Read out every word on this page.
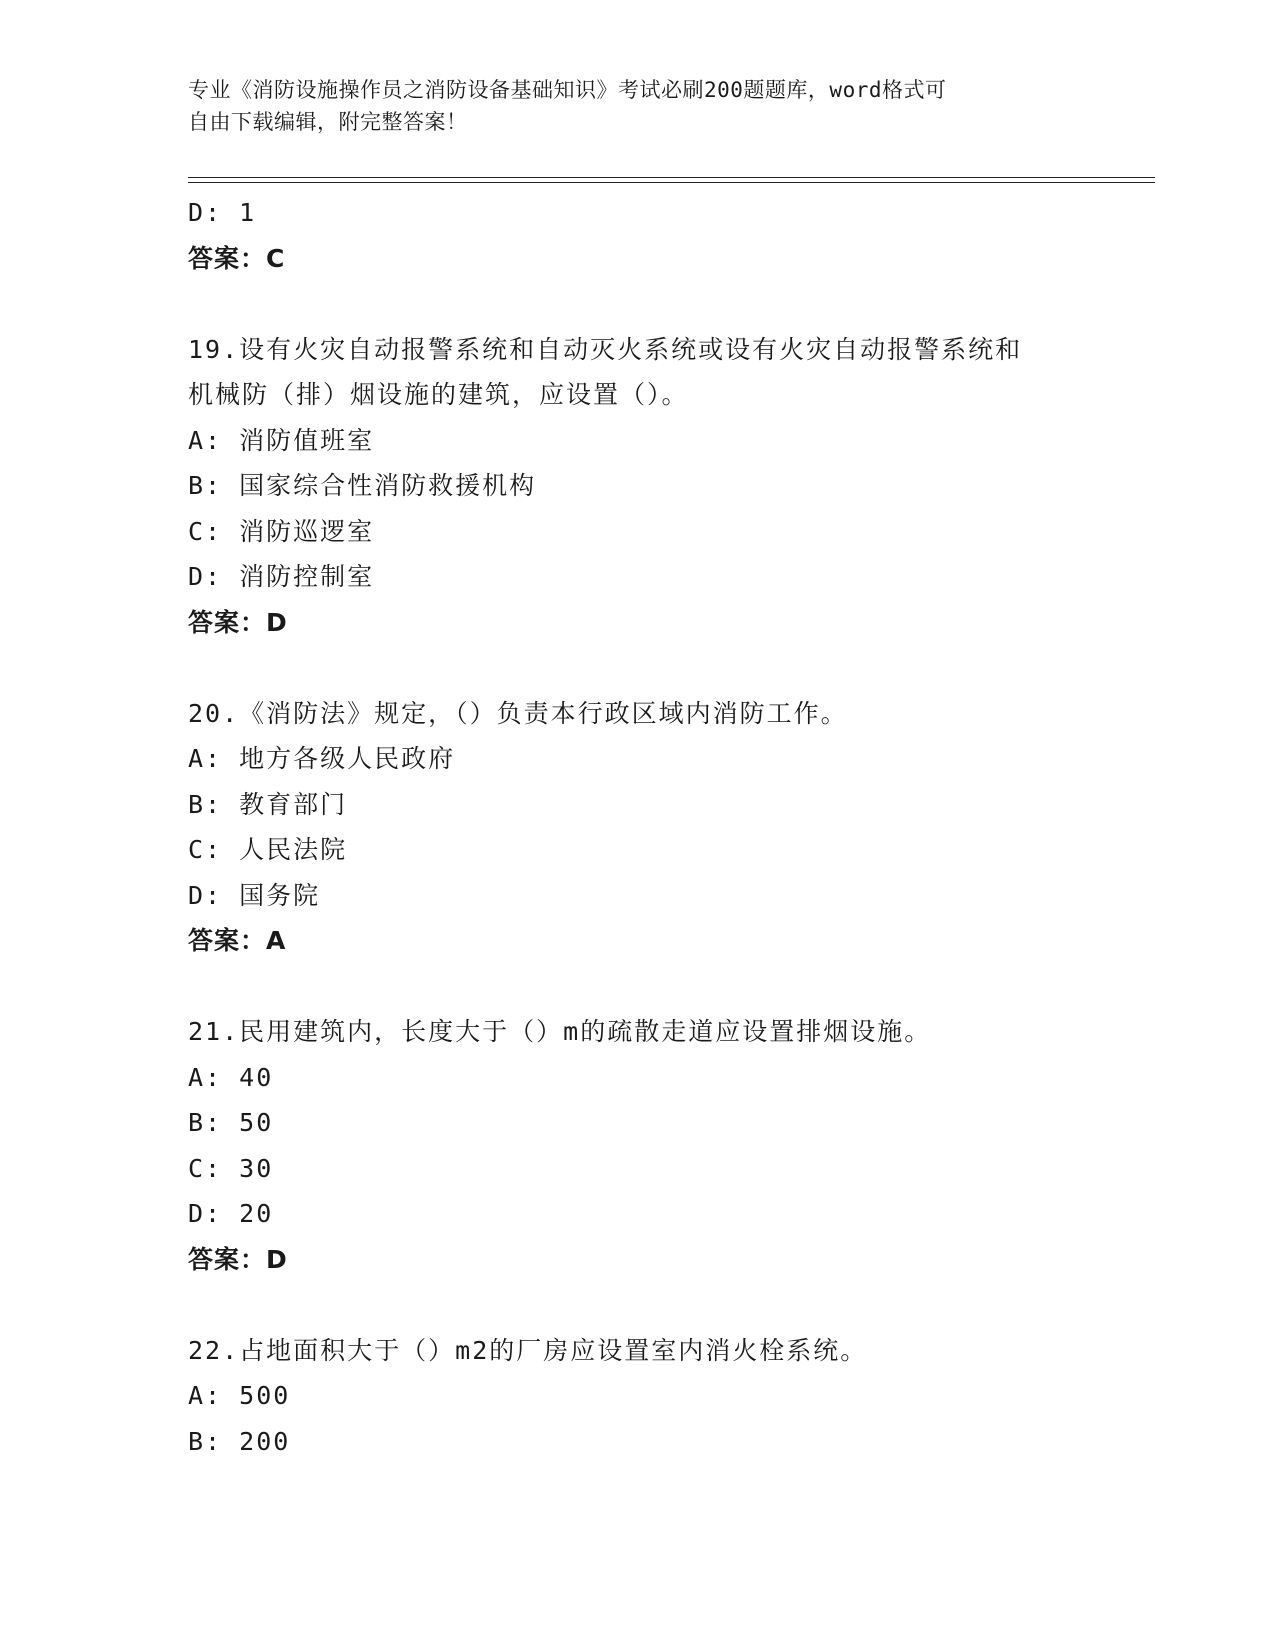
专业《消防设施操作员之消防设备基础知识》考试必刷200题题库，word格式可
自由下载编辑，附完整答案！
D: 1
答案：C
19.设有火灾自动报警系统和自动灭火系统或设有火灾自动报警系统和
机械防（排）烟设施的建筑，应设置（）。
A: 消防值班室
B: 国家综合性消防救援机构
C: 消防巡逻室
D: 消防控制室
答案：D
20.《消防法》规定，（）负责本行政区域内消防工作。
A: 地方各级人民政府
B: 教育部门
C: 人民法院
D: 国务院
答案：A
21.民用建筑内，长度大于（）m的疏散走道应设置排烟设施。
A: 40
B: 50
C: 30
D: 20
答案：D
22.占地面积大于（）m2的厂房应设置室内消火栓系统。
A: 500
B: 200
